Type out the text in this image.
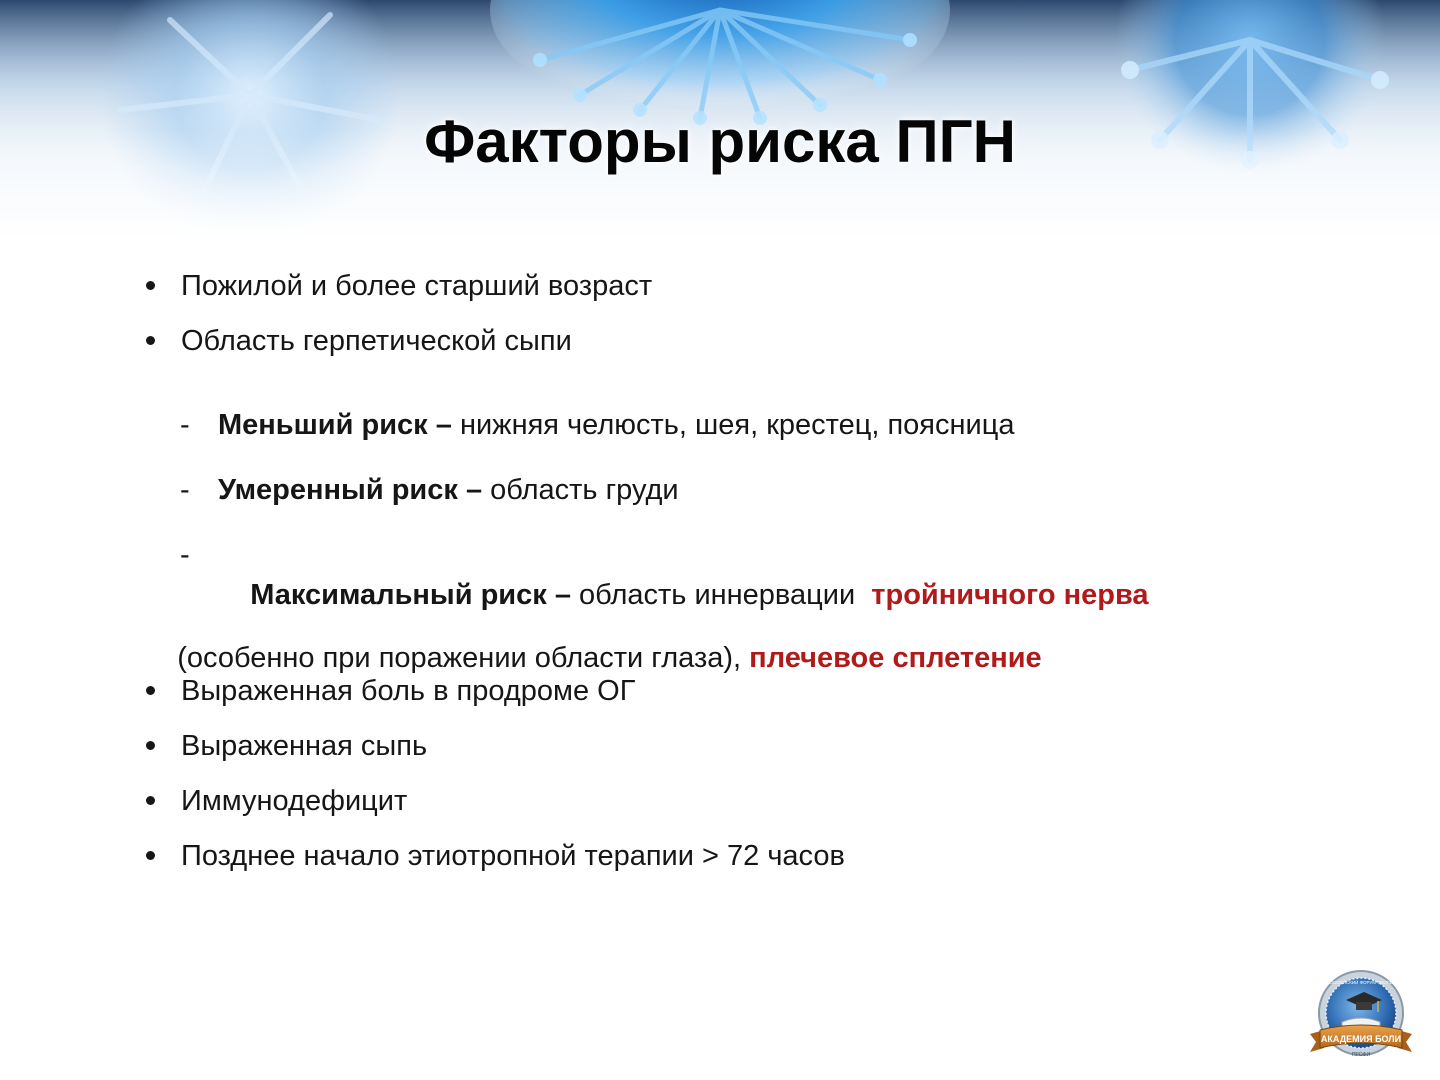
Факторы риска ПГН
Пожилой и более старший возраст
Область герпетической сыпи
- Меньший риск – нижняя челюсть, шея, крестец, поясница
- Умеренный риск – область груди
-

Максимальный риск – область иннервации  тройничного нерва

(особенно при поражении области глаза), плечевое сплетение

Выраженная боль в продроме ОГ
Выраженная сыпь
Иммунодефицит
Позднее начало этиотропной терапии > 72 часов
АКАДЕМИЯ БОЛИ
ПРОФИ
ВСЕРОССИЙСКИЙ ФОРУМ ЭКСПЕРТОВ
